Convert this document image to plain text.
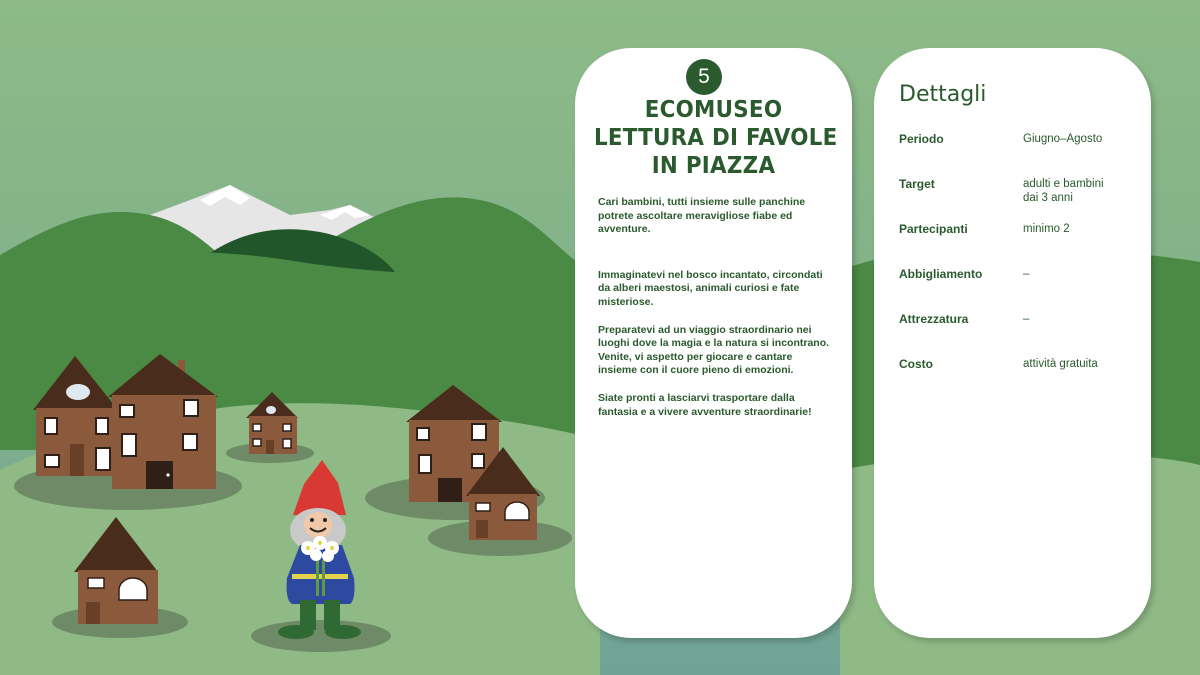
5
ECOMUSEO
LETTURA DI FAVOLE
IN PIAZZA

Cari bambini, tutti insieme sulle panchine potrete ascoltare meravigliose fiabe ed avventure.

Immaginatevi nel bosco incantato, circondati da alberi maestosi, animali curiosi e fate misteriose.

Preparatevi ad un viaggio straordinario nei luoghi dove la magia e la natura si incontrano. Venite, vi aspetto per giocare e cantare insieme con il cuore pieno di emozioni.

Siate pronti a lasciarvi trasportare dalla fantasia e a vivere avventure straordinarie!

Dettagli
Periodo	Giugno–Agosto
Target	adulti e bambini dai 3 anni
Partecipanti	minimo 2
Abbigliamento	–
Attrezzatura	–
Costo	attività gratuita
